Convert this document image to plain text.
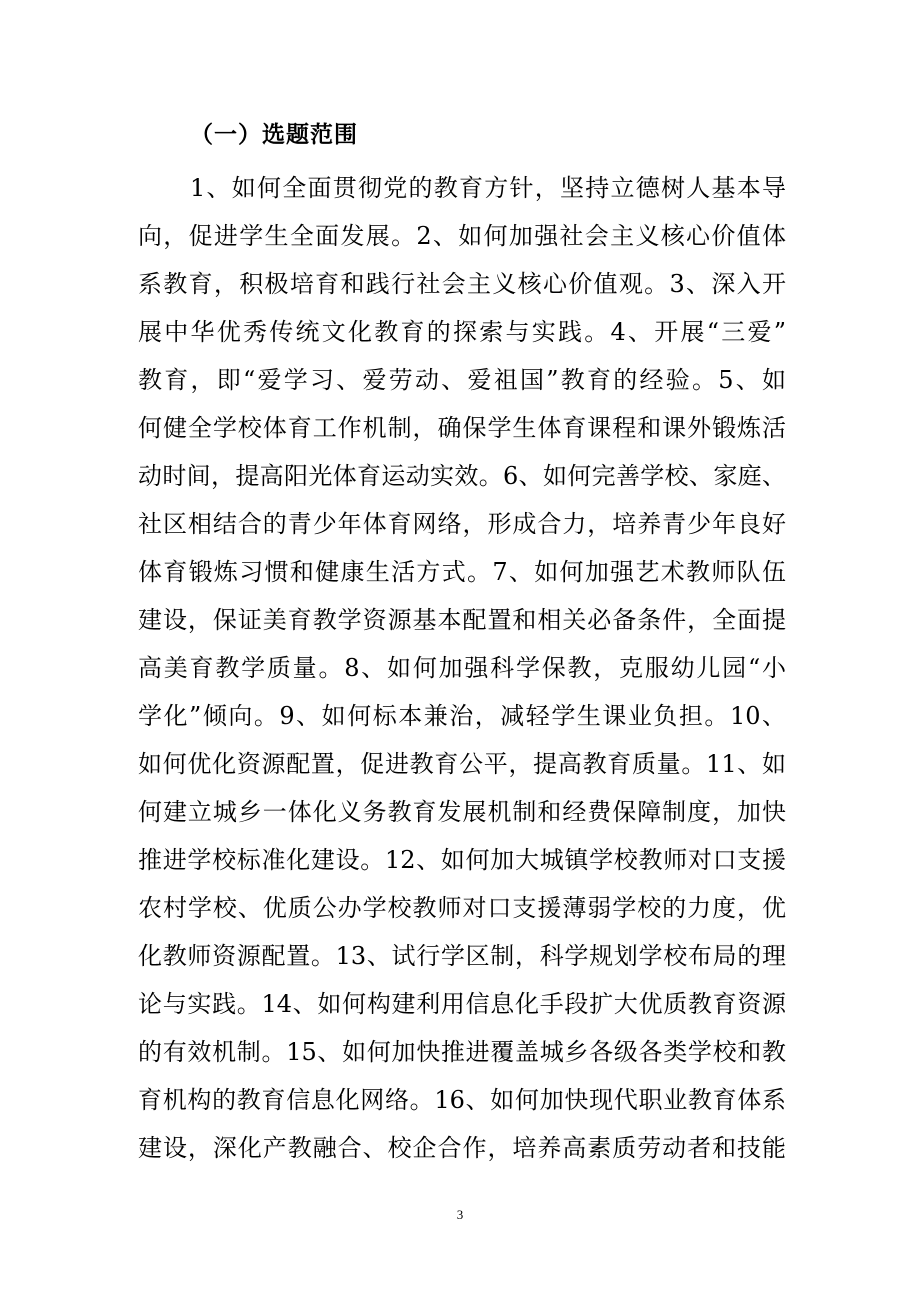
（一）选题范围
1、如何全面贯彻党的教育方针，坚持立德树人基本导
向，促进学生全面发展。2、如何加强社会主义核心价值体
系教育，积极培育和践行社会主义核心价值观。3、深入开
展中华优秀传统文化教育的探索与实践。4、开展“三爱”
教育，即“爱学习、爱劳动、爱祖国”教育的经验。5、如
何健全学校体育工作机制，确保学生体育课程和课外锻炼活
动时间，提高阳光体育运动实效。6、如何完善学校、家庭、
社区相结合的青少年体育网络，形成合力，培养青少年良好
体育锻炼习惯和健康生活方式。7、如何加强艺术教师队伍
建设，保证美育教学资源基本配置和相关必备条件，全面提
高美育教学质量。8、如何加强科学保教，克服幼儿园“小
学化”倾向。9、如何标本兼治，减轻学生课业负担。10、
如何优化资源配置，促进教育公平，提高教育质量。11、如
何建立城乡一体化义务教育发展机制和经费保障制度，加快
推进学校标准化建设。12、如何加大城镇学校教师对口支援
农村学校、优质公办学校教师对口支援薄弱学校的力度，优
化教师资源配置。13、试行学区制，科学规划学校布局的理
论与实践。14、如何构建利用信息化手段扩大优质教育资源
的有效机制。15、如何加快推进覆盖城乡各级各类学校和教
育机构的教育信息化网络。16、如何加快现代职业教育体系
建设，深化产教融合、校企合作，培养高素质劳动者和技能
3
